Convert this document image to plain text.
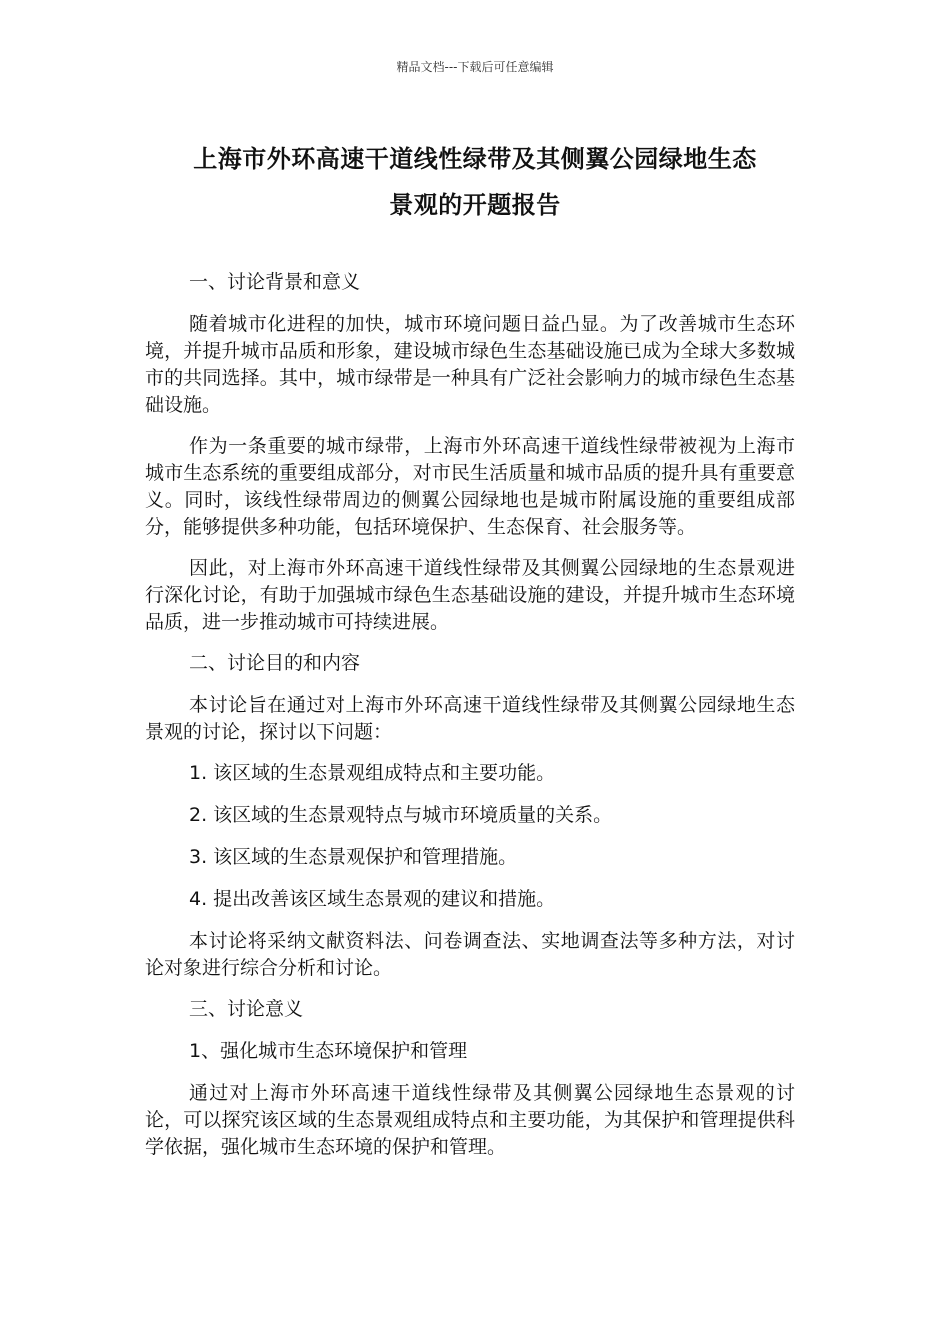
精品文档---下载后可任意编辑
上海市外环高速干道线性绿带及其侧翼公园绿地生态
景观的开题报告

一、讨论背景和意义

随着城市化进程的加快，城市环境问题日益凸显。为了改善城市生态环境，并提升城市品质和形象，建设城市绿色生态基础设施已成为全球大多数城市的共同选择。其中，城市绿带是一种具有广泛社会影响力的城市绿色生态基础设施。

作为一条重要的城市绿带，上海市外环高速干道线性绿带被视为上海市城市生态系统的重要组成部分，对市民生活质量和城市品质的提升具有重要意义。同时，该线性绿带周边的侧翼公园绿地也是城市附属设施的重要组成部分，能够提供多种功能，包括环境保护、生态保育、社会服务等。

因此，对上海市外环高速干道线性绿带及其侧翼公园绿地的生态景观进行深化讨论，有助于加强城市绿色生态基础设施的建设，并提升城市生态环境品质，进一步推动城市可持续进展。

二、讨论目的和内容

本讨论旨在通过对上海市外环高速干道线性绿带及其侧翼公园绿地生态景观的讨论，探讨以下问题：

1. 该区域的生态景观组成特点和主要功能。

2. 该区域的生态景观特点与城市环境质量的关系。

3. 该区域的生态景观保护和管理措施。

4. 提出改善该区域生态景观的建议和措施。

本讨论将采纳文献资料法、问卷调查法、实地调查法等多种方法，对讨论对象进行综合分析和讨论。

三、讨论意义

1、强化城市生态环境保护和管理

通过对上海市外环高速干道线性绿带及其侧翼公园绿地生态景观的讨论，可以探究该区域的生态景观组成特点和主要功能，为其保护和管理提供科学依据，强化城市生态环境的保护和管理。
